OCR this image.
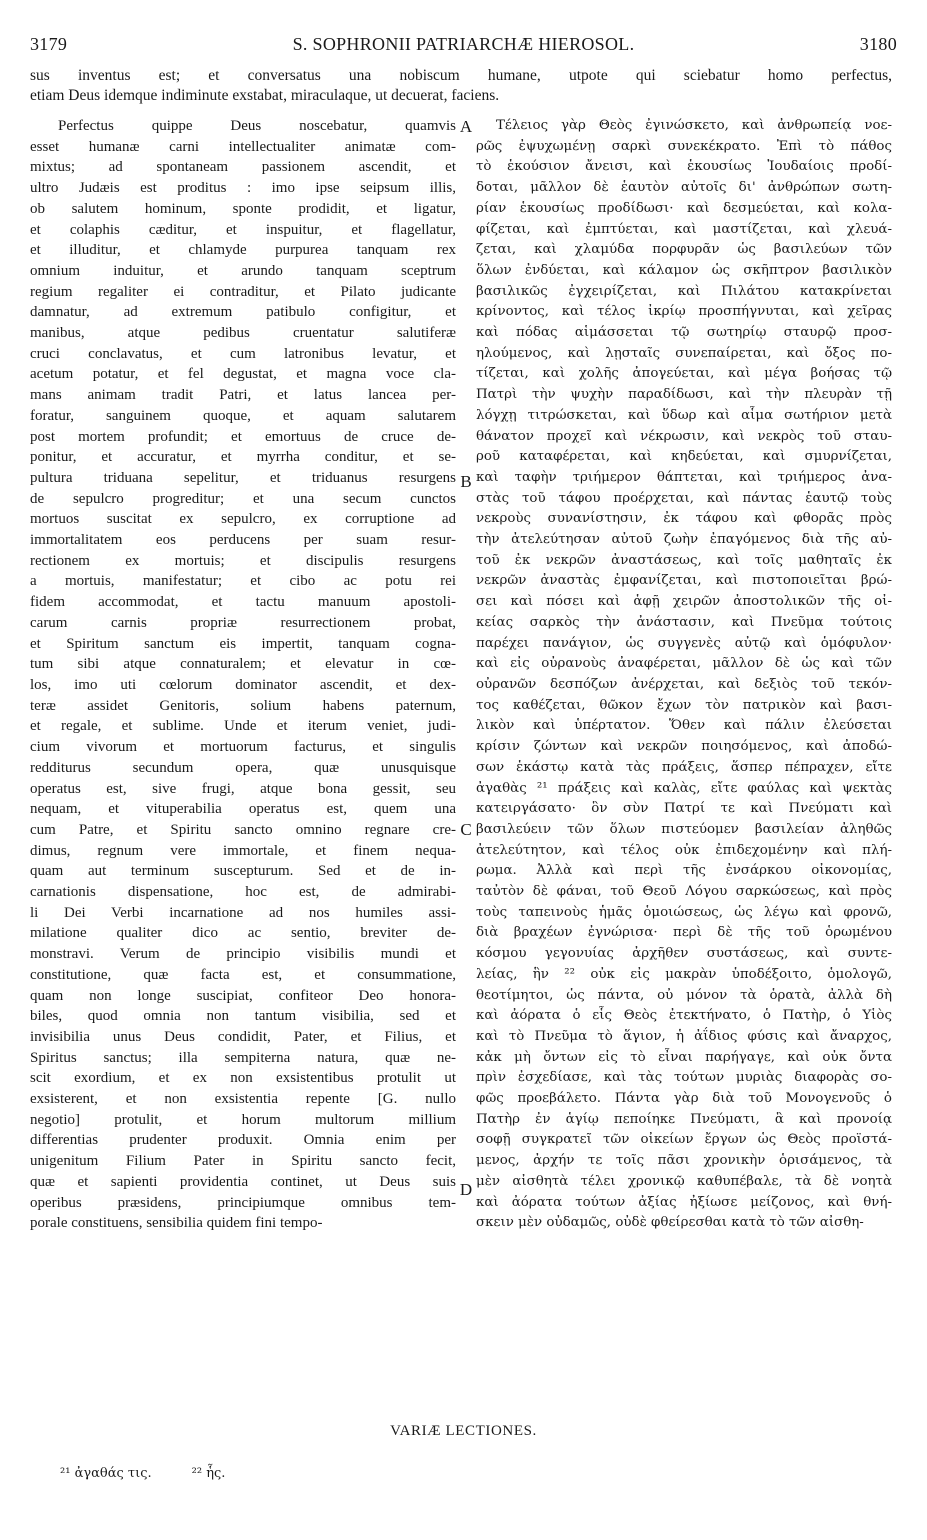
3179	S. SOPHRONII PATRIARCHÆ HIEROSOL.	3180
sus inventus est; et conversatus una nobiscum humane, utpote qui sciebatur homo perfectus,
etiam Deus idemque indiminute exstabat, miraculaque, ut decuerat, faciens.
Perfectus quippe Deus noscebatur, quamvis
esset humanæ carni intellectualiter animatæ com-
mixtus; ad spontaneam passionem ascendit, et
ultro Judæis est proditus : imo ipse seipsum illis,
ob salutem hominum, sponte prodidit, et ligatur,
et colaphis cæditur, et inspuitur, et flagellatur,
et illuditur, et chlamyde purpurea tanquam rex
omnium induitur, et arundo tanquam sceptrum
regium regaliter ei contraditur, et Pilato judicante
damnatur, ad extremum patibulo configitur, et
manibus, atque pedibus cruentatur salutiferæ
cruci conclavatus, et cum latronibus levatur, et
acetum potatur, et fel degustat, et magna voce cla-
mans animam tradit Patri, et latus lancea per-
foratur, sanguinem quoque, et aquam salutarem
post mortem profundit; et emortuus de cruce de-
ponitur, et accuratur, et myrrha conditur, et se-
pultura triduana sepelitur, et triduanus resurgens
de sepulcro progreditur; et una secum cunctos
mortuos suscitat ex sepulcro, ex corruptione ad
immortalitatem eos perducens per suam resur-
rectionem ex mortuis; et discipulis resurgens
a mortuis, manifestatur; et cibo ac potu rei
fidem accommodat, et tactu manuum apostoli-
carum carnis propriæ resurrectionem probat,
et Spiritum sanctum eis impertit, tanquam cogna-
tum sibi atque connaturalem; et elevatur in cœ-
los, imo uti cœlorum dominator ascendit, et dex-
teræ assidet Genitoris, solium habens paternum,
et regale, et sublime. Unde et iterum veniet, judi-
cium vivorum et mortuorum facturus, et singulis
redditurus secundum opera, quæ unusquisque
operatus est, sive frugi, atque bona gessit, seu
nequam, et vituperabilia operatus est, quem una
cum Patre, et Spiritu sancto omnino regnare cre-
dimus, regnum vere immortale, et finem nequa-
quam aut terminum suscepturum. Sed et de in-
carnationis dispensatione, hoc est, de admirabi-
li Dei Verbi incarnatione ad nos humiles assi-
milatione qualiter dico ac sentio, breviter de-
monstravi. Verum de principio visibilis mundi et
constitutione, quæ facta est, et consummatione,
quam non longe suscipiat, confiteor Deo honora-
biles, quod omnia non tantum visibilia, sed et
invisibilia unus Deus condidit, Pater, et Filius, et
Spiritus sanctus; illa sempiterna natura, quæ ne-
scit exordium, et ex non exsistentibus protulit ut
exsisterent, et non exsistentia repente [G. nullo
negotio] protulit, et horum multorum millium
differentias prudenter produxit. Omnia enim per
unigenitum Filium Pater in Spiritu sancto fecit,
quæ et sapienti providentia continet, ut Deus suis
operibus præsidens, principiumque omnibus tem-
porale constituens, sensibilia quidem fini tempo-
Τέλειος γὰρ Θεὸς ἐγινώσκετο, καὶ ἀνθρωπείᾳ νοε-
ρῶς ἐψυχωμένῃ σαρκὶ συνεκέκρατο. Ἐπὶ τὸ πάθος
τὸ ἑκούσιον ἄνεισι, καὶ ἑκουσίως Ἰουδαίοις προδί-
δοται, μᾶλλον δὲ ἑαυτὸν αὐτοῖς δι' ἀνθρώπων σωτη-
ρίαν ἑκουσίως προδίδωσι· καὶ δεσμεύεται, καὶ κολα-
φίζεται, καὶ ἐμπτύεται, καὶ μαστίζεται, καὶ χλευά-
ζεται, καὶ χλαμύδα πορφυρᾶν ὡς βασιλεύων τῶν
ὅλων ἐνδύεται, καὶ κάλαμον ὡς σκῆπτρον βασιλικὸν
βασιλικῶς ἐγχειρίζεται, καὶ Πιλάτου κατακρίνεται
κρίνοντος, καὶ τέλος ἰκρίῳ προσπήγνυται, καὶ χεῖρας
καὶ πόδας αἱμάσσεται τῷ σωτηρίῳ σταυρῷ προσ-
ηλούμενος, καὶ λῃσταῖς συνεπαίρεται, καὶ ὄξος πο-
τίζεται, καὶ χολῆς ἀπογεύεται, καὶ μέγα βοήσας τῷ
Πατρὶ τὴν ψυχὴν παραδίδωσι, καὶ τὴν πλευρὰν τῇ
λόγχῃ τιτρώσκεται, καὶ ὕδωρ καὶ αἷμα σωτήριον μετὰ
θάνατον προχεῖ καὶ νέκρωσιν, καὶ νεκρὸς τοῦ σταυ-
ροῦ καταφέρεται, καὶ κηδεύεται, καὶ σμυρνίζεται,
καὶ ταφὴν τριήμερον θάπτεται, καὶ τριήμερος ἀνα-
στὰς τοῦ τάφου προέρχεται, καὶ πάντας ἑαυτῷ τοὺς
νεκροὺς συνανίστησιν, ἐκ τάφου καὶ φθορᾶς πρὸς
τὴν ἀτελεύτησαν αὐτοῦ ζωὴν ἐπαγόμενος διὰ τῆς αὐ-
τοῦ ἐκ νεκρῶν ἀναστάσεως, καὶ τοῖς μαθηταῖς ἐκ
νεκρῶν ἀναστὰς ἐμφανίζεται, καὶ πιστοποιεῖται βρώ-
σει καὶ πόσει καὶ ἁφῇ χειρῶν ἀποστολικῶν τῆς οἰ-
κείας σαρκὸς τὴν ἀνάστασιν, καὶ Πνεῦμα τούτοις
παρέχει πανάγιον, ὡς συγγενὲς αὐτῷ καὶ ὁμόφυλον·
καὶ εἰς οὐρανοὺς ἀναφέρεται, μᾶλλον δὲ ὡς καὶ τῶν
οὐρανῶν δεσπόζων ἀνέρχεται, καὶ δεξιὸς τοῦ τεκόν-
τος καθέζεται, θῶκον ἔχων τὸν πατρικὸν καὶ βασι-
λικὸν καὶ ὑπέρτατον. Ὅθεν καὶ πάλιν ἐλεύσεται
κρίσιν ζώντων καὶ νεκρῶν ποιησόμενος, καὶ ἀποδώ-
σων ἑκάστῳ κατὰ τὰς πράξεις, ἅσπερ πέπραχεν, εἴτε
ἀγαθὰς ²¹ πράξεις καὶ καλὰς, εἴτε φαύλας καὶ ψεκτὰς
κατειργάσατο· ὃν σὺν Πατρί τε καὶ Πνεύματι καὶ
βασιλεύειν τῶν ὅλων πιστεύομεν βασιλείαν ἀληθῶς
ἀτελεύτητον, καὶ τέλος οὐκ ἐπιδεχομένην καὶ πλή-
ρωμα. Ἀλλὰ καὶ περὶ τῆς ἐνσάρκου οἰκονομίας,
ταὐτὸν δὲ φάναι, τοῦ Θεοῦ Λόγου σαρκώσεως, καὶ πρὸς
τοὺς ταπεινοὺς ἡμᾶς ὁμοιώσεως, ὡς λέγω καὶ φρονῶ,
διὰ βραχέων ἐγνώρισα· περὶ δὲ τῆς τοῦ ὁρωμένου
κόσμου γεγονυίας ἀρχῆθεν συστάσεως, καὶ συντε-
λείας, ἣν ²² οὐκ εἰς μακρὰν ὑποδέξοιτο, ὁμολογῶ,
θεοτίμητοι, ὡς πάντα, οὐ μόνον τὰ ὁρατὰ, ἀλλὰ δὴ
καὶ ἀόρατα ὁ εἷς Θεὸς ἐτεκτήνατο, ὁ Πατὴρ, ὁ Υἱὸς
καὶ τὸ Πνεῦμα τὸ ἅγιον, ἡ ἀΐδιος φύσις καὶ ἄναρχος,
κἀκ μὴ ὄντων εἰς τὸ εἶναι παρήγαγε, καὶ οὐκ ὄντα
πρὶν ἐσχεδίασε, καὶ τὰς τούτων μυριὰς διαφορὰς σο-
φῶς προεβάλετο. Πάντα γὰρ διὰ τοῦ Μονογενοῦς ὁ
Πατὴρ ἐν ἁγίῳ πεποίηκε Πνεύματι, ἃ καὶ προνοίᾳ
σοφῇ συγκρατεῖ τῶν οἰκείων ἔργων ὡς Θεὸς προϊστά-
μενος, ἀρχήν τε τοῖς πᾶσι χρονικὴν ὁρισάμενος, τὰ
μὲν αἰσθητὰ τέλει χρονικῷ καθυπέβαλε, τὰ δὲ νοητὰ
καὶ ἀόρατα τούτων ἀξίας ἠξίωσε μείζονος, καὶ θνή-
σκειν μὲν οὐδαμῶς, οὐδὲ φθείρεσθαι κατὰ τὸ τῶν αἰσθη-
A
B
C
D
VARIÆ LECTIONES.
²¹ ἀγαθάς τις.	²² ἧς.
